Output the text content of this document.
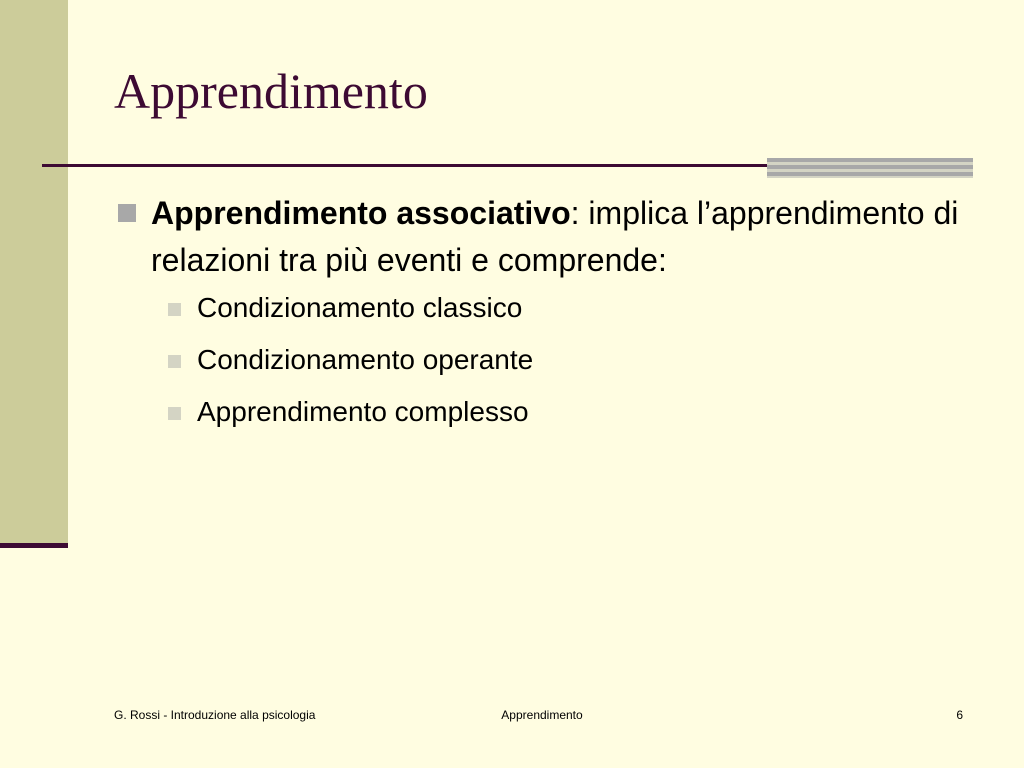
Apprendimento
Apprendimento associativo: implica l’apprendimento di relazioni tra più eventi e comprende:
Condizionamento classico
Condizionamento operante
Apprendimento complesso
G. Rossi - Introduzione alla psicologia	Apprendimento	6
